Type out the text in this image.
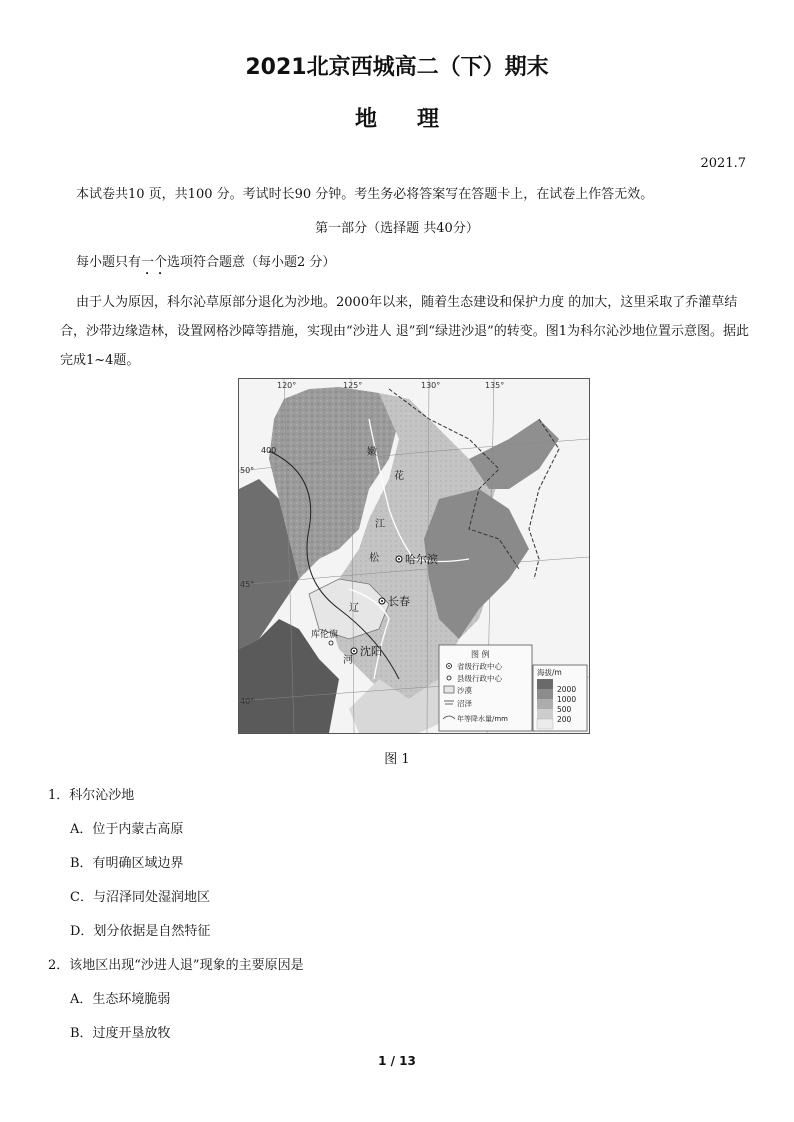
2021北京西城高二（下）期末
地理
2021.7
本试卷共10 页，共100 分。考试时长90 分钟。考生务必将答案写在答题卡上，在试卷上作答无效。
第一部分（选择题 共40分）
每小题只有一个选项符合题意（每小题2 分）
由于人为原因，科尔沁草原部分退化为沙地。2000年以来，随着生态建设和保护力度 的加大，这里采取了乔灌草结合，沙带边缘造林，设置网格沙障等措施，实现由“沙进人 退”到“绿进沙退”的转变。图1为科尔沁沙地位置示意图。据此完成1~4题。
120°	125°	130°	135°
50°
45°
40°
400	嫩
江
松
花
辽
河
哈尔滨
长春
沈阳
库伦旗
图 例
省级行政中心
县级行政中心
沙漠
沼泽
年等降水量/mm
海拔/m
2000
1000
500
200
图 1
1．科尔沁沙地
A．位于内蒙古高原
B．有明确区域边界
C．与沼泽同处湿润地区
D．划分依据是自然特征
2．该地区出现“沙进人退”现象的主要原因是
A．生态环境脆弱
B．过度开垦放牧
1 / 13
